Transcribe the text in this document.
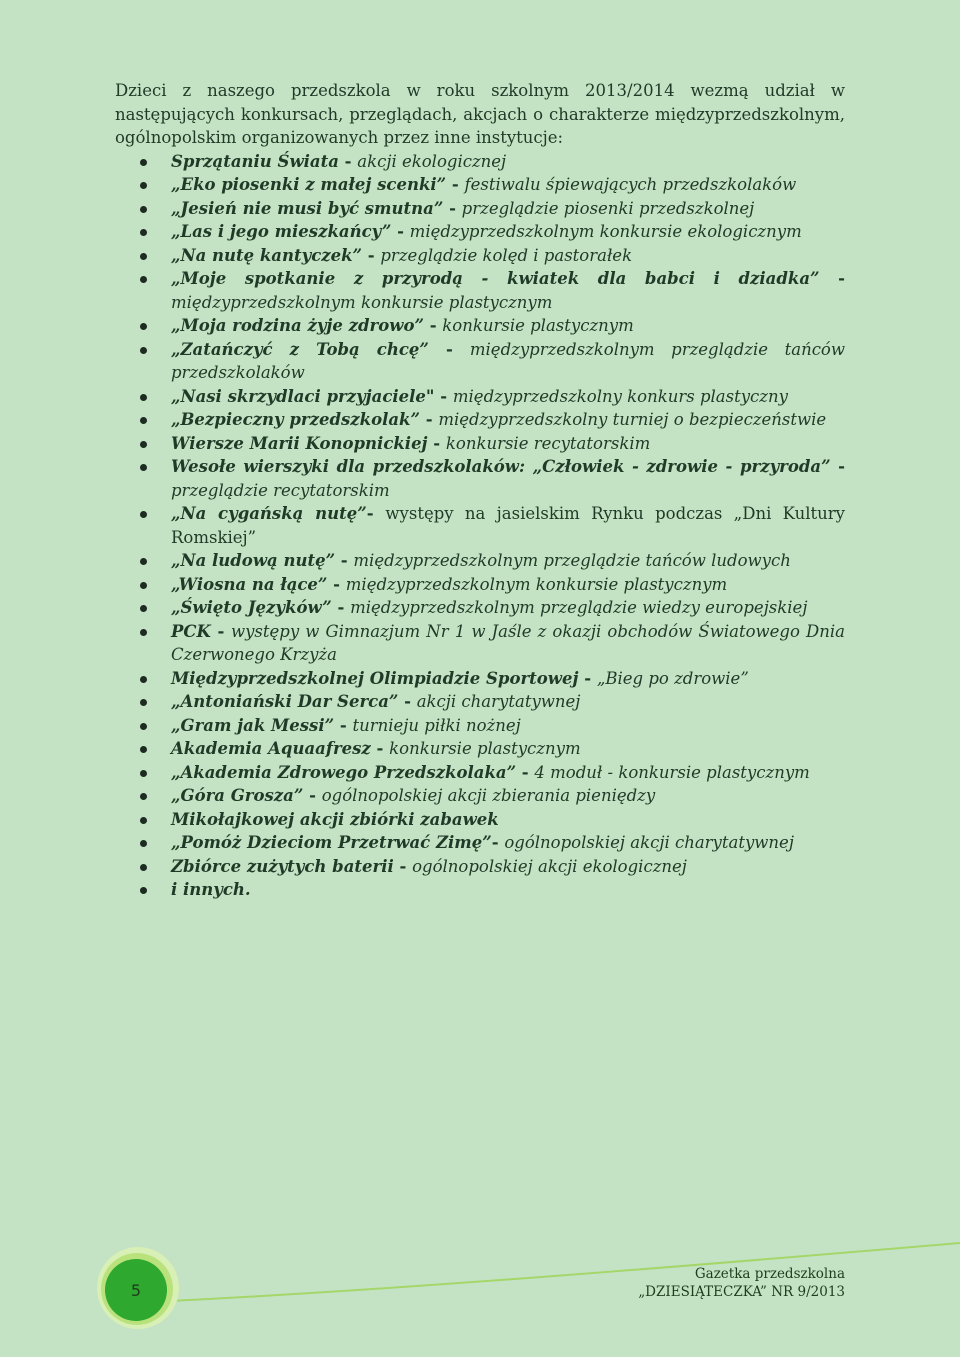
Dzieci z naszego przedszkola w roku szkolnym 2013/2014 wezmą udział w następujących konkursach, przeglądach, akcjach o charakterze międzyprzedszkolnym, ogólnopolskim organizowanych przez inne instytucje:

Sprzątaniu Świata - akcji ekologicznej
„Eko piosenki z małej scenki” - festiwalu śpiewających przedszkolaków
„Jesień nie musi być smutna” - przeglądzie piosenki przedszkolnej
„Las i jego mieszkańcy” - międzyprzedszkolnym konkursie ekologicznym
„Na nutę kantyczek” - przeglądzie kolęd i pastorałek
„Moje spotkanie z przyrodą - kwiatek dla babci i dziadka” - międzyprzedszkolnym konkursie plastycznym
„Moja rodzina żyje zdrowo” - konkursie plastycznym
„Zatańczyć z Tobą chcę” - międzyprzedszkolnym przeglądzie tańców przedszkolaków
„Nasi skrzydlaci przyjaciele" - międzyprzedszkolny konkurs plastyczny
„Bezpieczny przedszkolak” - międzyprzedszkolny turniej o bezpieczeństwie
Wiersze Marii Konopnickiej - konkursie recytatorskim
Wesołe wierszyki dla przedszkolaków: „Człowiek - zdrowie - przyroda” - przeglądzie recytatorskim
„Na cygańską nutę”- występy na jasielskim Rynku podczas „Dni Kultury Romskiej”
„Na ludową nutę” - międzyprzedszkolnym przeglądzie tańców ludowych
„Wiosna na łące” - międzyprzedszkolnym konkursie plastycznym
„Święto Języków” - międzyprzedszkolnym przeglądzie wiedzy europejskiej
PCK - występy w Gimnazjum Nr 1 w Jaśle z okazji obchodów Światowego Dnia Czerwonego Krzyża
Międzyprzedszkolnej Olimpiadzie Sportowej - „Bieg po zdrowie”
„Antoniański Dar Serca” - akcji charytatywnej
„Gram jak Messi” - turnieju piłki nożnej
Akademia Aquaafresz - konkursie plastycznym
„Akademia Zdrowego Przedszkolaka” - 4 moduł - konkursie plastycznym
„Góra Grosza” - ogólnopolskiej akcji zbierania pieniędzy
Mikołajkowej akcji zbiórki zabawek
„Pomóż Dzieciom Przetrwać Zimę”- ogólnopolskiej akcji charytatywnej
Zbiórce zużytych baterii - ogólnopolskiej akcji ekologicznej
i innych.
5
Gazetka przedszkolna
„DZIESIĄTECZKA” NR 9/2013
